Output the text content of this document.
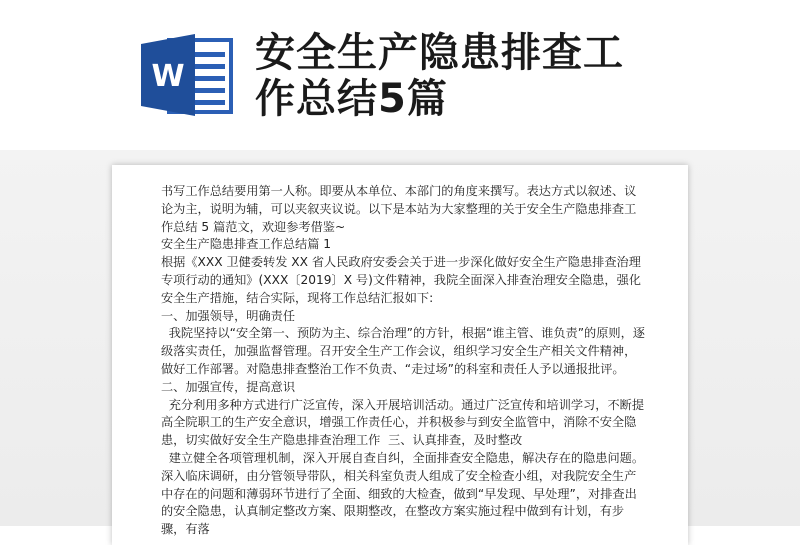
W
安全生产隐患排查工
作总结5篇

书写工作总结要用第一人称。即要从本单位、本部门的角度来撰写。表达方式以叙述、议论为主，说明为辅，可以夹叙夹议说。以下是本站为大家整理的关于安全生产隐患排查工作总结 5 篇范文，欢迎参考借鉴~

安全生产隐患排查工作总结篇 1

根据《XXX 卫健委转发 XX 省人民政府安委会关于进一步深化做好安全生产隐患排查治理专项行动的通知》(XXX〔2019〕X 号)文件精神，我院全面深入排查治理安全隐患，强化安全生产措施，结合实际，现将工作总结汇报如下:

一、加强领导，明确责任

我院坚持以“安全第一、预防为主、综合治理”的方针，根据“谁主管、谁负责”的原则，逐级落实责任，加强监督管理。召开安全生产工作会议，组织学习安全生产相关文件精神，做好工作部署。对隐患排查整治工作不负责、“走过场”的科室和责任人予以通报批评。  二、加强宣传，提高意识

充分利用多种方式进行广泛宣传，深入开展培训活动。通过广泛宣传和培训学习，不断提高全院职工的生产安全意识，增强工作责任心，并积极参与到安全监管中，消除不安全隐患，切实做好安全生产隐患排查治理工作  三、认真排查，及时整改

建立健全各项管理机制，深入开展自查自纠，全面排查安全隐患，解决存在的隐患问题。深入临床调研，由分管领导带队，相关科室负责人组成了安全检查小组，对我院安全生产中存在的问题和薄弱环节进行了全面、细致的大检查，做到“早发现、早处理”，对排查出的安全隐患，认真制定整改方案、限期整改，在整改方案实施过程中做到有计划，有步骤，有落
